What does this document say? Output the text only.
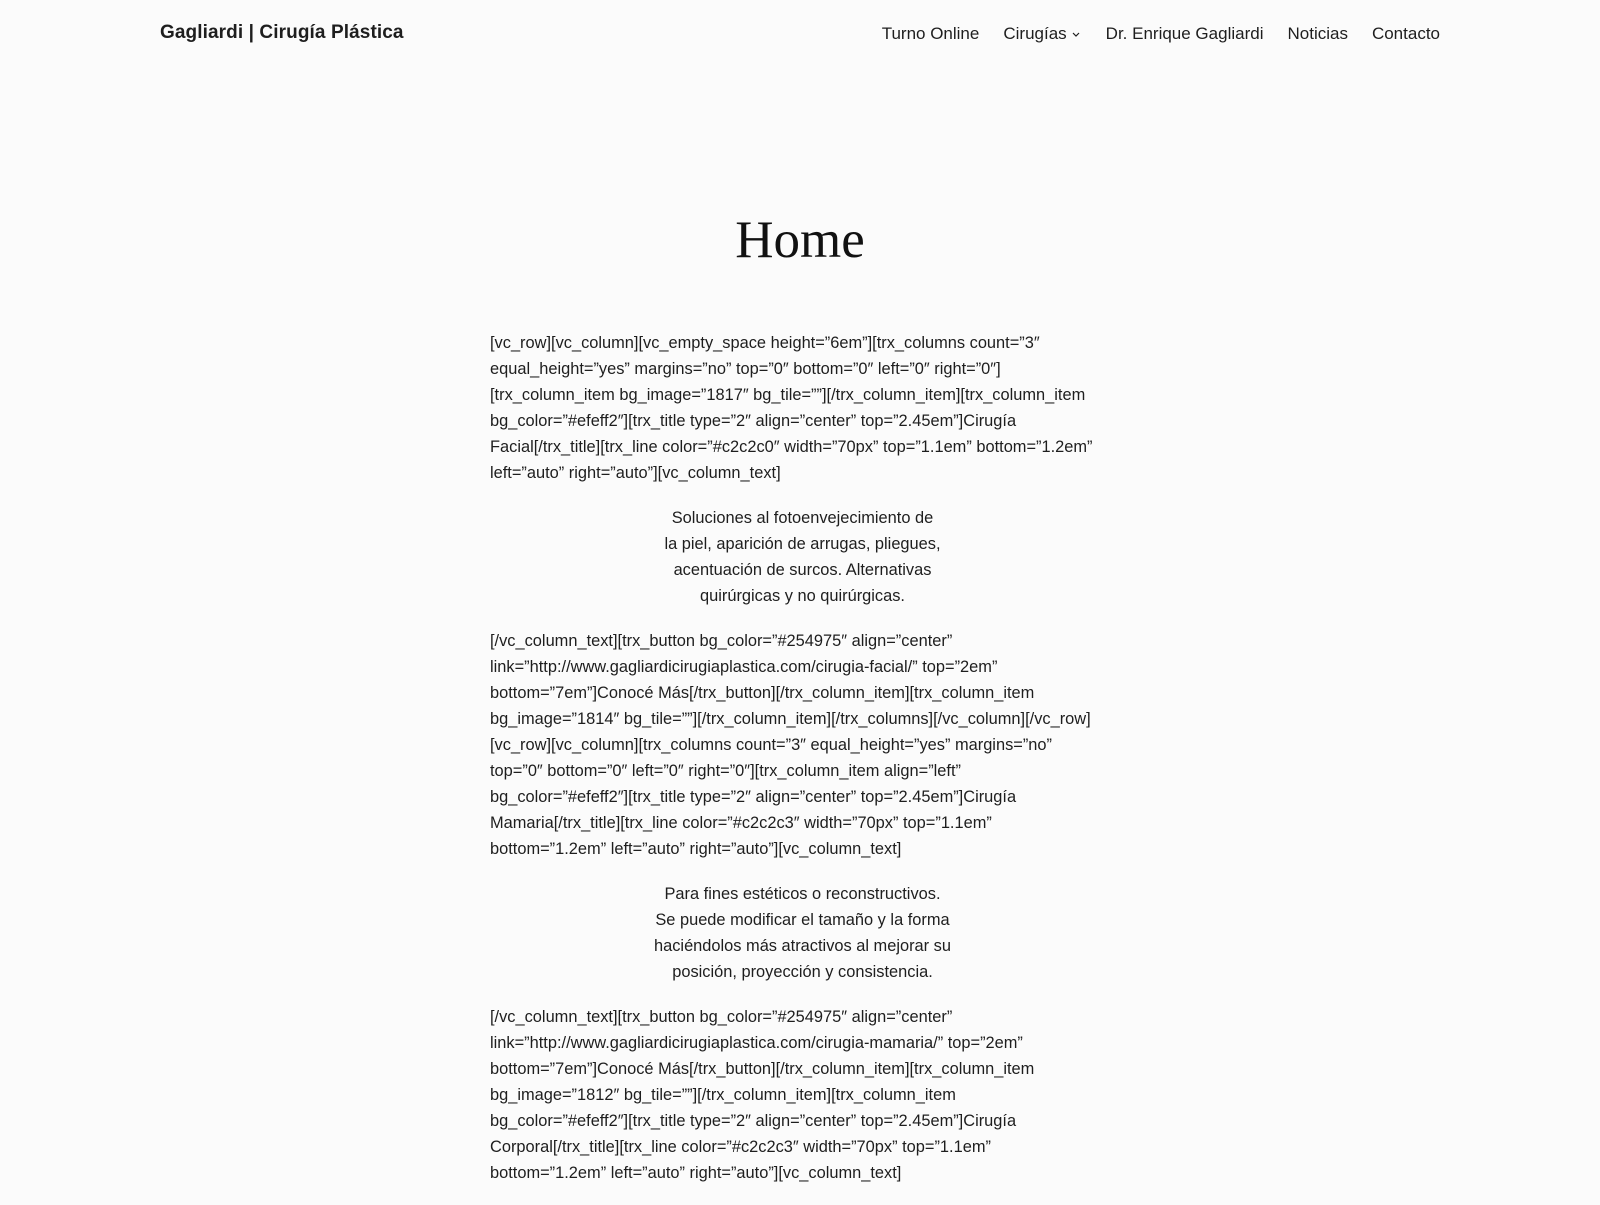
Gagliardi | Cirugía Plástica	Turno Online Cirugías Dr. Enrique Gagliardi Noticias Contacto
Home

[vc_row][vc_column][vc_empty_space height=”6em”][trx_columns count=”3″
equal_height=”yes” margins=”no” top=”0″ bottom=”0″ left=”0″ right=”0″]
[trx_column_item bg_image=”1817″ bg_tile=””][/trx_column_item][trx_column_item
bg_color=”#efeff2″][trx_title type=”2″ align=”center” top=”2.45em”]Cirugía
Facial[/trx_title][trx_line color=”#c2c2c0″ width=”70px” top=”1.1em” bottom=”1.2em”
left=”auto” right=”auto”][vc_column_text]

Soluciones al fotoenvejecimiento de
la piel, aparición de arrugas, pliegues,
acentuación de surcos. Alternativas
quirúrgicas y no quirúrgicas.

[/vc_column_text][trx_button bg_color=”#254975″ align=”center”
link=”http://www.gagliardicirugiaplastica.com/cirugia-facial/” top=”2em”
bottom=”7em”]Conocé Más[/trx_button][/trx_column_item][trx_column_item
bg_image=”1814″ bg_tile=””][/trx_column_item][/trx_columns][/vc_column][/vc_row]
[vc_row][vc_column][trx_columns count=”3″ equal_height=”yes” margins=”no”
top=”0″ bottom=”0″ left=”0″ right=”0″][trx_column_item align=”left”
bg_color=”#efeff2″][trx_title type=”2″ align=”center” top=”2.45em”]Cirugía
Mamaria[/trx_title][trx_line color=”#c2c2c3″ width=”70px” top=”1.1em”
bottom=”1.2em” left=”auto” right=”auto”][vc_column_text]

Para fines estéticos o reconstructivos.
Se puede modificar el tamaño y la forma
haciéndolos más atractivos al mejorar su
posición, proyección y consistencia.

[/vc_column_text][trx_button bg_color=”#254975″ align=”center”
link=”http://www.gagliardicirugiaplastica.com/cirugia-mamaria/” top=”2em”
bottom=”7em”]Conocé Más[/trx_button][/trx_column_item][trx_column_item
bg_image=”1812″ bg_tile=””][/trx_column_item][trx_column_item
bg_color=”#efeff2″][trx_title type=”2″ align=”center” top=”2.45em”]Cirugía
Corporal[/trx_title][trx_line color=”#c2c2c3″ width=”70px” top=”1.1em”
bottom=”1.2em” left=”auto” right=”auto”][vc_column_text]
